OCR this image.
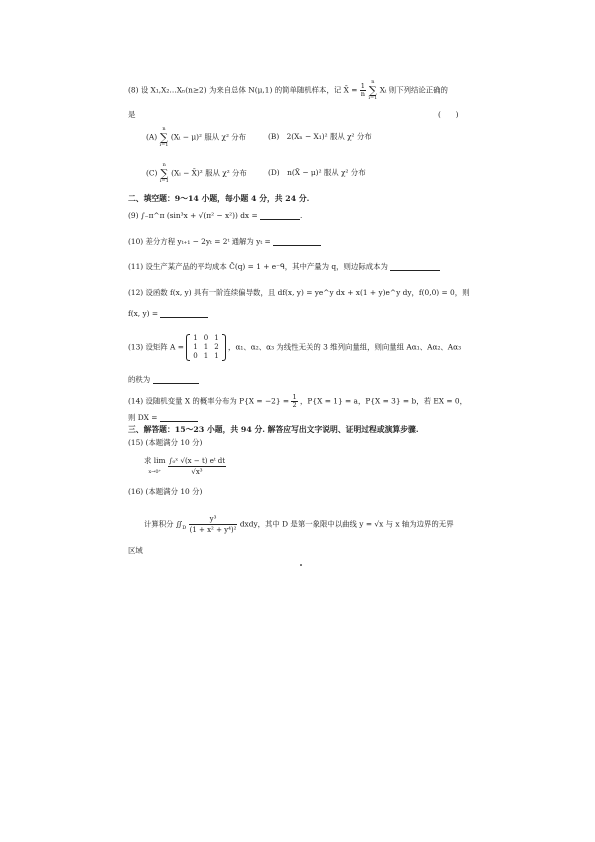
(8) 设 X₁,X₂…Xₙ(n≥2) 为来自总体 N(μ,1) 的简单随机样本，记 X̄ = $\frac{1}{n}$
n
∑
i=1 Xᵢ 则下列结论正确的
是	(　　)
(A) n
∑
i=1 (Xᵢ − μ)² 服从 χ² 分布	(B)　2(Xₙ − X₁)² 服从 χ² 分布
(C) n
∑
i=1 (Xᵢ − X̄)² 服从 χ² 分布	(D)　n(X̄ − μ)² 服从 χ² 分布
二、填空题：9～14 小题，每小题 4 分，共 24 分.
(9) ∫₋π^π (sin³x + √(π² − x²)) dx =	.
(10) 差分方程 yₜ₊₁ − 2yₜ = 2ᵗ 通解为 yₜ =
(11) 设生产某产品的平均成本 C̄(q) = 1 + e⁻ᑫ，其中产量为 q，则边际成本为
(12) 设函数 f(x, y) 具有一阶连续偏导数，且 df(x, y) = ye^y dx + x(1 + y)e^y dy，f(0,0) = 0，则
f(x, y) =
(13) 设矩阵 A =
1	0	1
1	1	2
0	1	1
，α₁、α₂、α₃ 为线性无关的 3 维列向量组，则向量组 Aα₁、Aα₂、Aα₃
的秩为
(14) 设随机变量 X 的概率分布为 $P\{X = -2\} = \frac{1}{2}$ ，P{X = 1} = a，P{X = 3} = b，若 EX = 0，
则 DX =
三、解答题：15～23 小题，共 94 分. 解答应写出文字说明、证明过程或演算步骤.
(15) (本题满分 10 分)
求 lim
$x\to 0^+ \frac{\text{∫₀ˣ √(x − t) eᵗ dt}}{\text{√x³}}$
(16) (本题满分 10 分)
计算积分 $∬_D \frac{\text{y³}}{\text{(1 + x² + y⁴)²}}$ dxdy，其中 D 是第一象限中以曲线 y = √x 与 x 轴为边界的无界
区域
